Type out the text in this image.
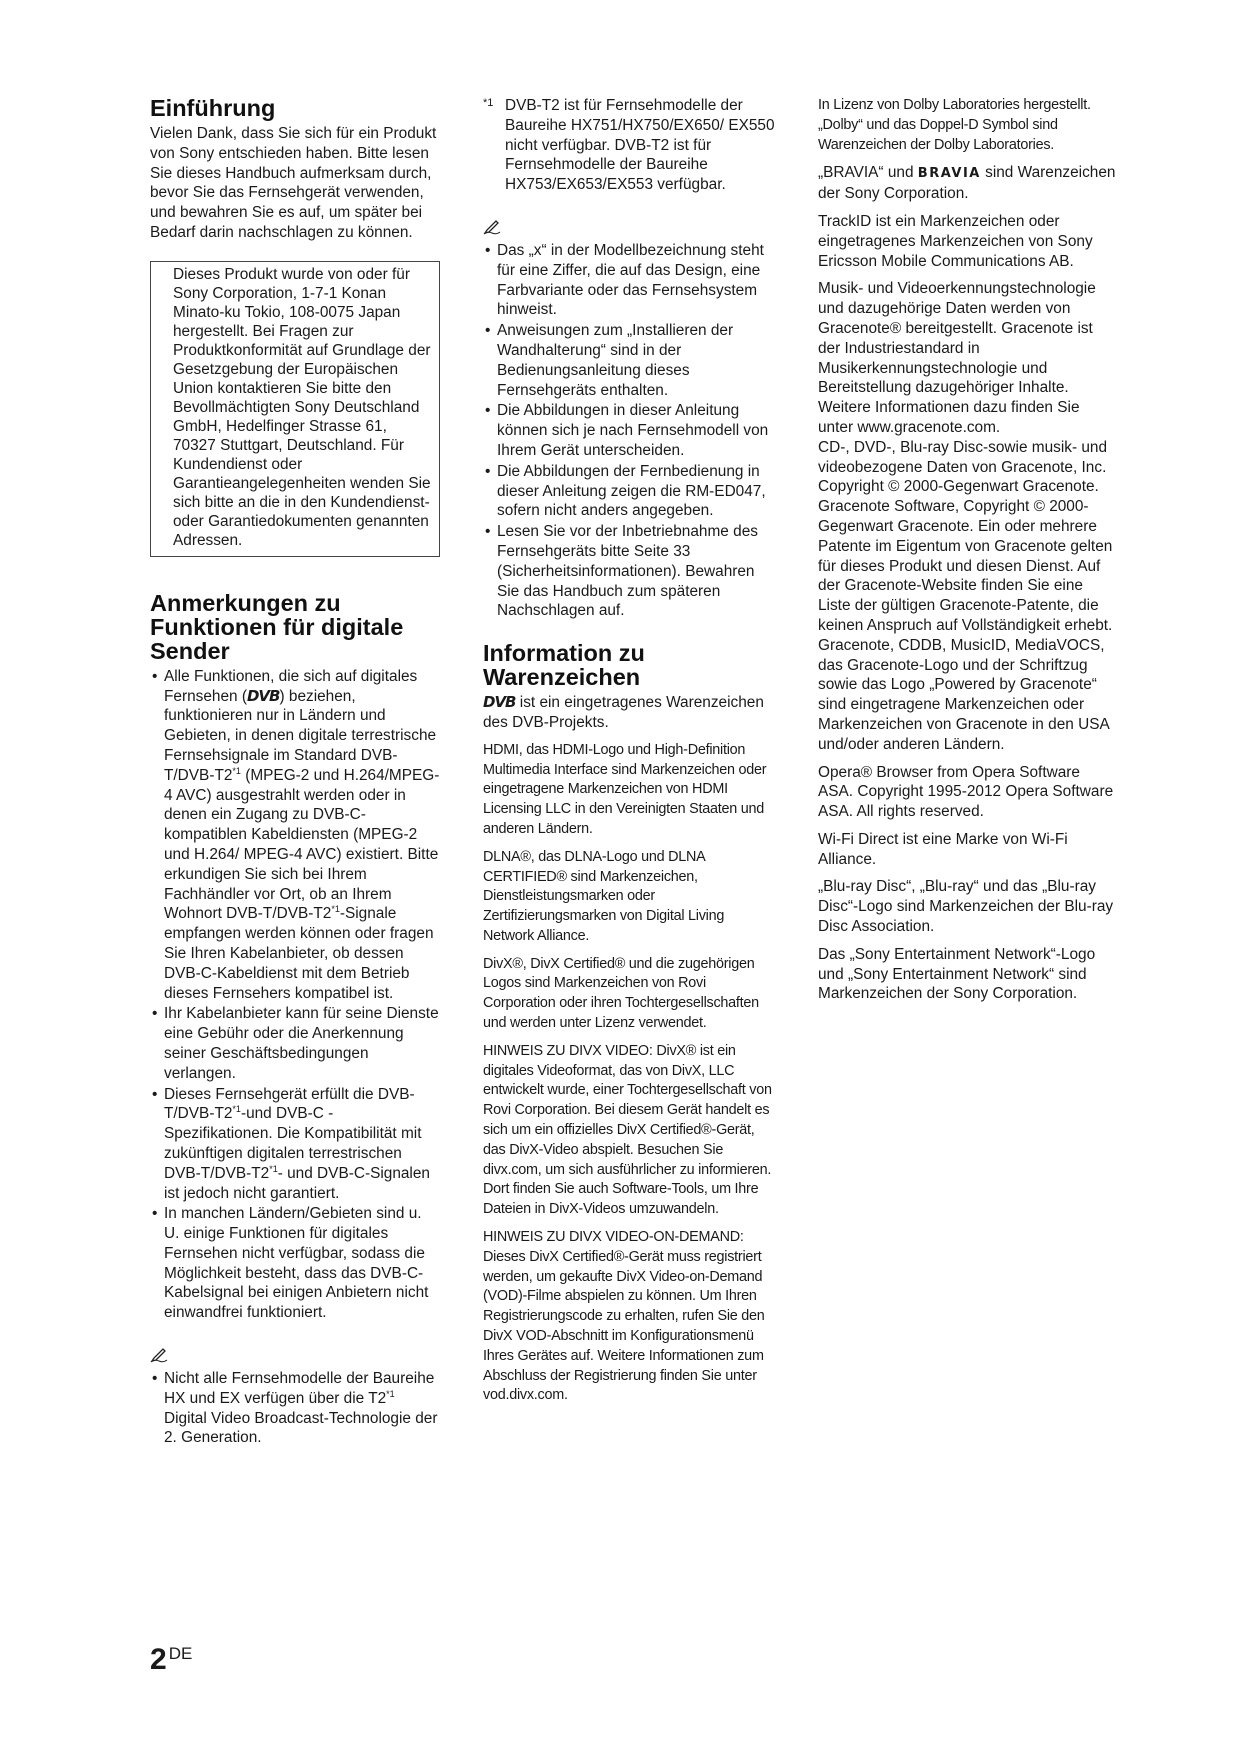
Einführung

Vielen Dank, dass Sie sich für ein Produkt von Sony entschieden haben. Bitte lesen Sie dieses Handbuch aufmerksam durch, bevor Sie das Fernsehgerät verwenden, und bewahren Sie es auf, um später bei Bedarf darin nachschlagen zu können.

Dieses Produkt wurde von oder für Sony Corporation, 1-7-1 Konan Minato-ku Tokio, 108-0075 Japan hergestellt. Bei Fragen zur Produktkonformität auf Grundlage der Gesetzgebung der Europäischen Union kontaktieren Sie bitte den Bevollmächtigten Sony Deutschland GmbH, Hedelfinger Strasse 61, 70327 Stuttgart, Deutschland. Für Kundendienst oder Garantieangelegenheiten wenden Sie sich bitte an die in den Kundendienst- oder Garantiedokumenten genannten Adressen.
Anmerkungen zu Funktionen für digitale Sender
• Alle Funktionen, die sich auf digitales Fernsehen (DVB) beziehen, funktionieren nur in Ländern und Gebieten, in denen digitale terrestrische Fernsehsignale im Standard DVB-T/DVB-T2$^{*1}$ (MPEG-2 und H.264/MPEG-4 AVC) ausgestrahlt werden oder in denen ein Zugang zu DVB-C-kompatiblen Kabeldiensten (MPEG-2 und H.264/ MPEG-4 AVC) existiert. Bitte erkundigen Sie sich bei Ihrem Fachhändler vor Ort, ob an Ihrem Wohnort DVB-T/DVB-T2$^{*1}$-Signale empfangen werden können oder fragen Sie Ihren Kabelanbieter, ob dessen DVB-C-Kabeldienst mit dem Betrieb dieses Fernsehers kompatibel ist.
• Ihr Kabelanbieter kann für seine Dienste eine Gebühr oder die Anerkennung seiner Geschäftsbedingungen verlangen.
• Dieses Fernsehgerät erfüllt die DVB-T/DVB-T2$^{*1}$-und DVB-C -Spezifikationen. Die Kompatibilität mit zukünftigen digitalen terrestrischen DVB-T/DVB-T2$^{*1}$- und DVB-C-Signalen ist jedoch nicht garantiert.
• In manchen Ländern/Gebieten sind u. U. einige Funktionen für digitales Fernsehen nicht verfügbar, sodass die Möglichkeit besteht, dass das DVB-C-Kabelsignal bei einigen Anbietern nicht einwandfrei funktioniert.
• Nicht alle Fernsehmodelle der Baureihe HX und EX verfügen über die T2$^{*1}$ Digital Video Broadcast-Technologie der 2. Generation.

*1 DVB-T2 ist für Fernsehmodelle der Baureihe HX751/HX750/EX650/ EX550 nicht verfügbar. DVB-T2 ist für Fernsehmodelle der Baureihe HX753/EX653/EX553 verfügbar.

• Das „x“ in der Modellbezeichnung steht für eine Ziffer, die auf das Design, eine Farbvariante oder das Fernsehsystem hinweist.
• Anweisungen zum „Installieren der Wandhalterung“ sind in der Bedienungsanleitung dieses Fernsehgeräts enthalten.
• Die Abbildungen in dieser Anleitung können sich je nach Fernsehmodell von Ihrem Gerät unterscheiden.
• Die Abbildungen der Fernbedienung in dieser Anleitung zeigen die RM-ED047, sofern nicht anders angegeben.
• Lesen Sie vor der Inbetriebnahme des Fernsehgeräts bitte Seite 33 (Sicherheitsinformationen). Bewahren Sie das Handbuch zum späteren Nachschlagen auf.
Information zu Warenzeichen

DVB ist ein eingetragenes Warenzeichen des DVB-Projekts.

HDMI, das HDMI-Logo und High-Definition Multimedia Interface sind Markenzeichen oder eingetragene Markenzeichen von HDMI Licensing LLC in den Vereinigten Staaten und anderen Ländern.

DLNA®, das DLNA-Logo und DLNA CERTIFIED® sind Markenzeichen, Dienstleistungsmarken oder Zertifizierungsmarken von Digital Living Network Alliance.

DivX®, DivX Certified® und die zugehörigen Logos sind Markenzeichen von Rovi Corporation oder ihren Tochtergesellschaften und werden unter Lizenz verwendet.

HINWEIS ZU DIVX VIDEO: DivX® ist ein digitales Videoformat, das von DivX, LLC entwickelt wurde, einer Tochtergesellschaft von Rovi Corporation. Bei diesem Gerät handelt es sich um ein offizielles DivX Certified®-Gerät, das DivX-Video abspielt. Besuchen Sie divx.com, um sich ausführlicher zu informieren. Dort finden Sie auch Software-Tools, um Ihre Dateien in DivX-Videos umzuwandeln.

HINWEIS ZU DIVX VIDEO-ON-DEMAND: Dieses DivX Certified®-Gerät muss registriert werden, um gekaufte DivX Video-on-Demand (VOD)-Filme abspielen zu können. Um Ihren Registrierungscode zu erhalten, rufen Sie den DivX VOD-Abschnitt im Konfigurationsmenü Ihres Gerätes auf. Weitere Informationen zum Abschluss der Registrierung finden Sie unter vod.divx.com.

In Lizenz von Dolby Laboratories hergestellt. „Dolby“ und das Doppel-D Symbol sind Warenzeichen der Dolby Laboratories.

„BRAVIA“ und BRAVIA sind Warenzeichen der Sony Corporation.

TrackID ist ein Markenzeichen oder eingetragenes Markenzeichen von Sony Ericsson Mobile Communications AB.

Musik- und Videoerkennungstechnologie und dazugehörige Daten werden von Gracenote® bereitgestellt. Gracenote ist der Industriestandard in Musikerkennungstechnologie und Bereitstellung dazugehöriger Inhalte. Weitere Informationen dazu finden Sie unter www.gracenote.com.

CD-, DVD-, Blu-ray Disc-sowie musik- und videobezogene Daten von Gracenote, Inc. Copyright © 2000-Gegenwart Gracenote. Gracenote Software, Copyright © 2000-Gegenwart Gracenote. Ein oder mehrere Patente im Eigentum von Gracenote gelten für dieses Produkt und diesen Dienst. Auf der Gracenote-Website finden Sie eine Liste der gültigen Gracenote-Patente, die keinen Anspruch auf Vollständigkeit erhebt. Gracenote, CDDB, MusicID, MediaVOCS, das Gracenote-Logo und der Schriftzug sowie das Logo „Powered by Gracenote“ sind eingetragene Markenzeichen oder Markenzeichen von Gracenote in den USA und/oder anderen Ländern.

Opera® Browser from Opera Software ASA. Copyright 1995-2012 Opera Software ASA. All rights reserved.

Wi-Fi Direct ist eine Marke von Wi-Fi Alliance.

„Blu-ray Disc“, „Blu-ray“ und das „Blu-ray Disc“-Logo sind Markenzeichen der Blu-ray Disc Association.

Das „Sony Entertainment Network“-Logo und „Sony Entertainment Network“ sind Markenzeichen der Sony Corporation.

2 DE
